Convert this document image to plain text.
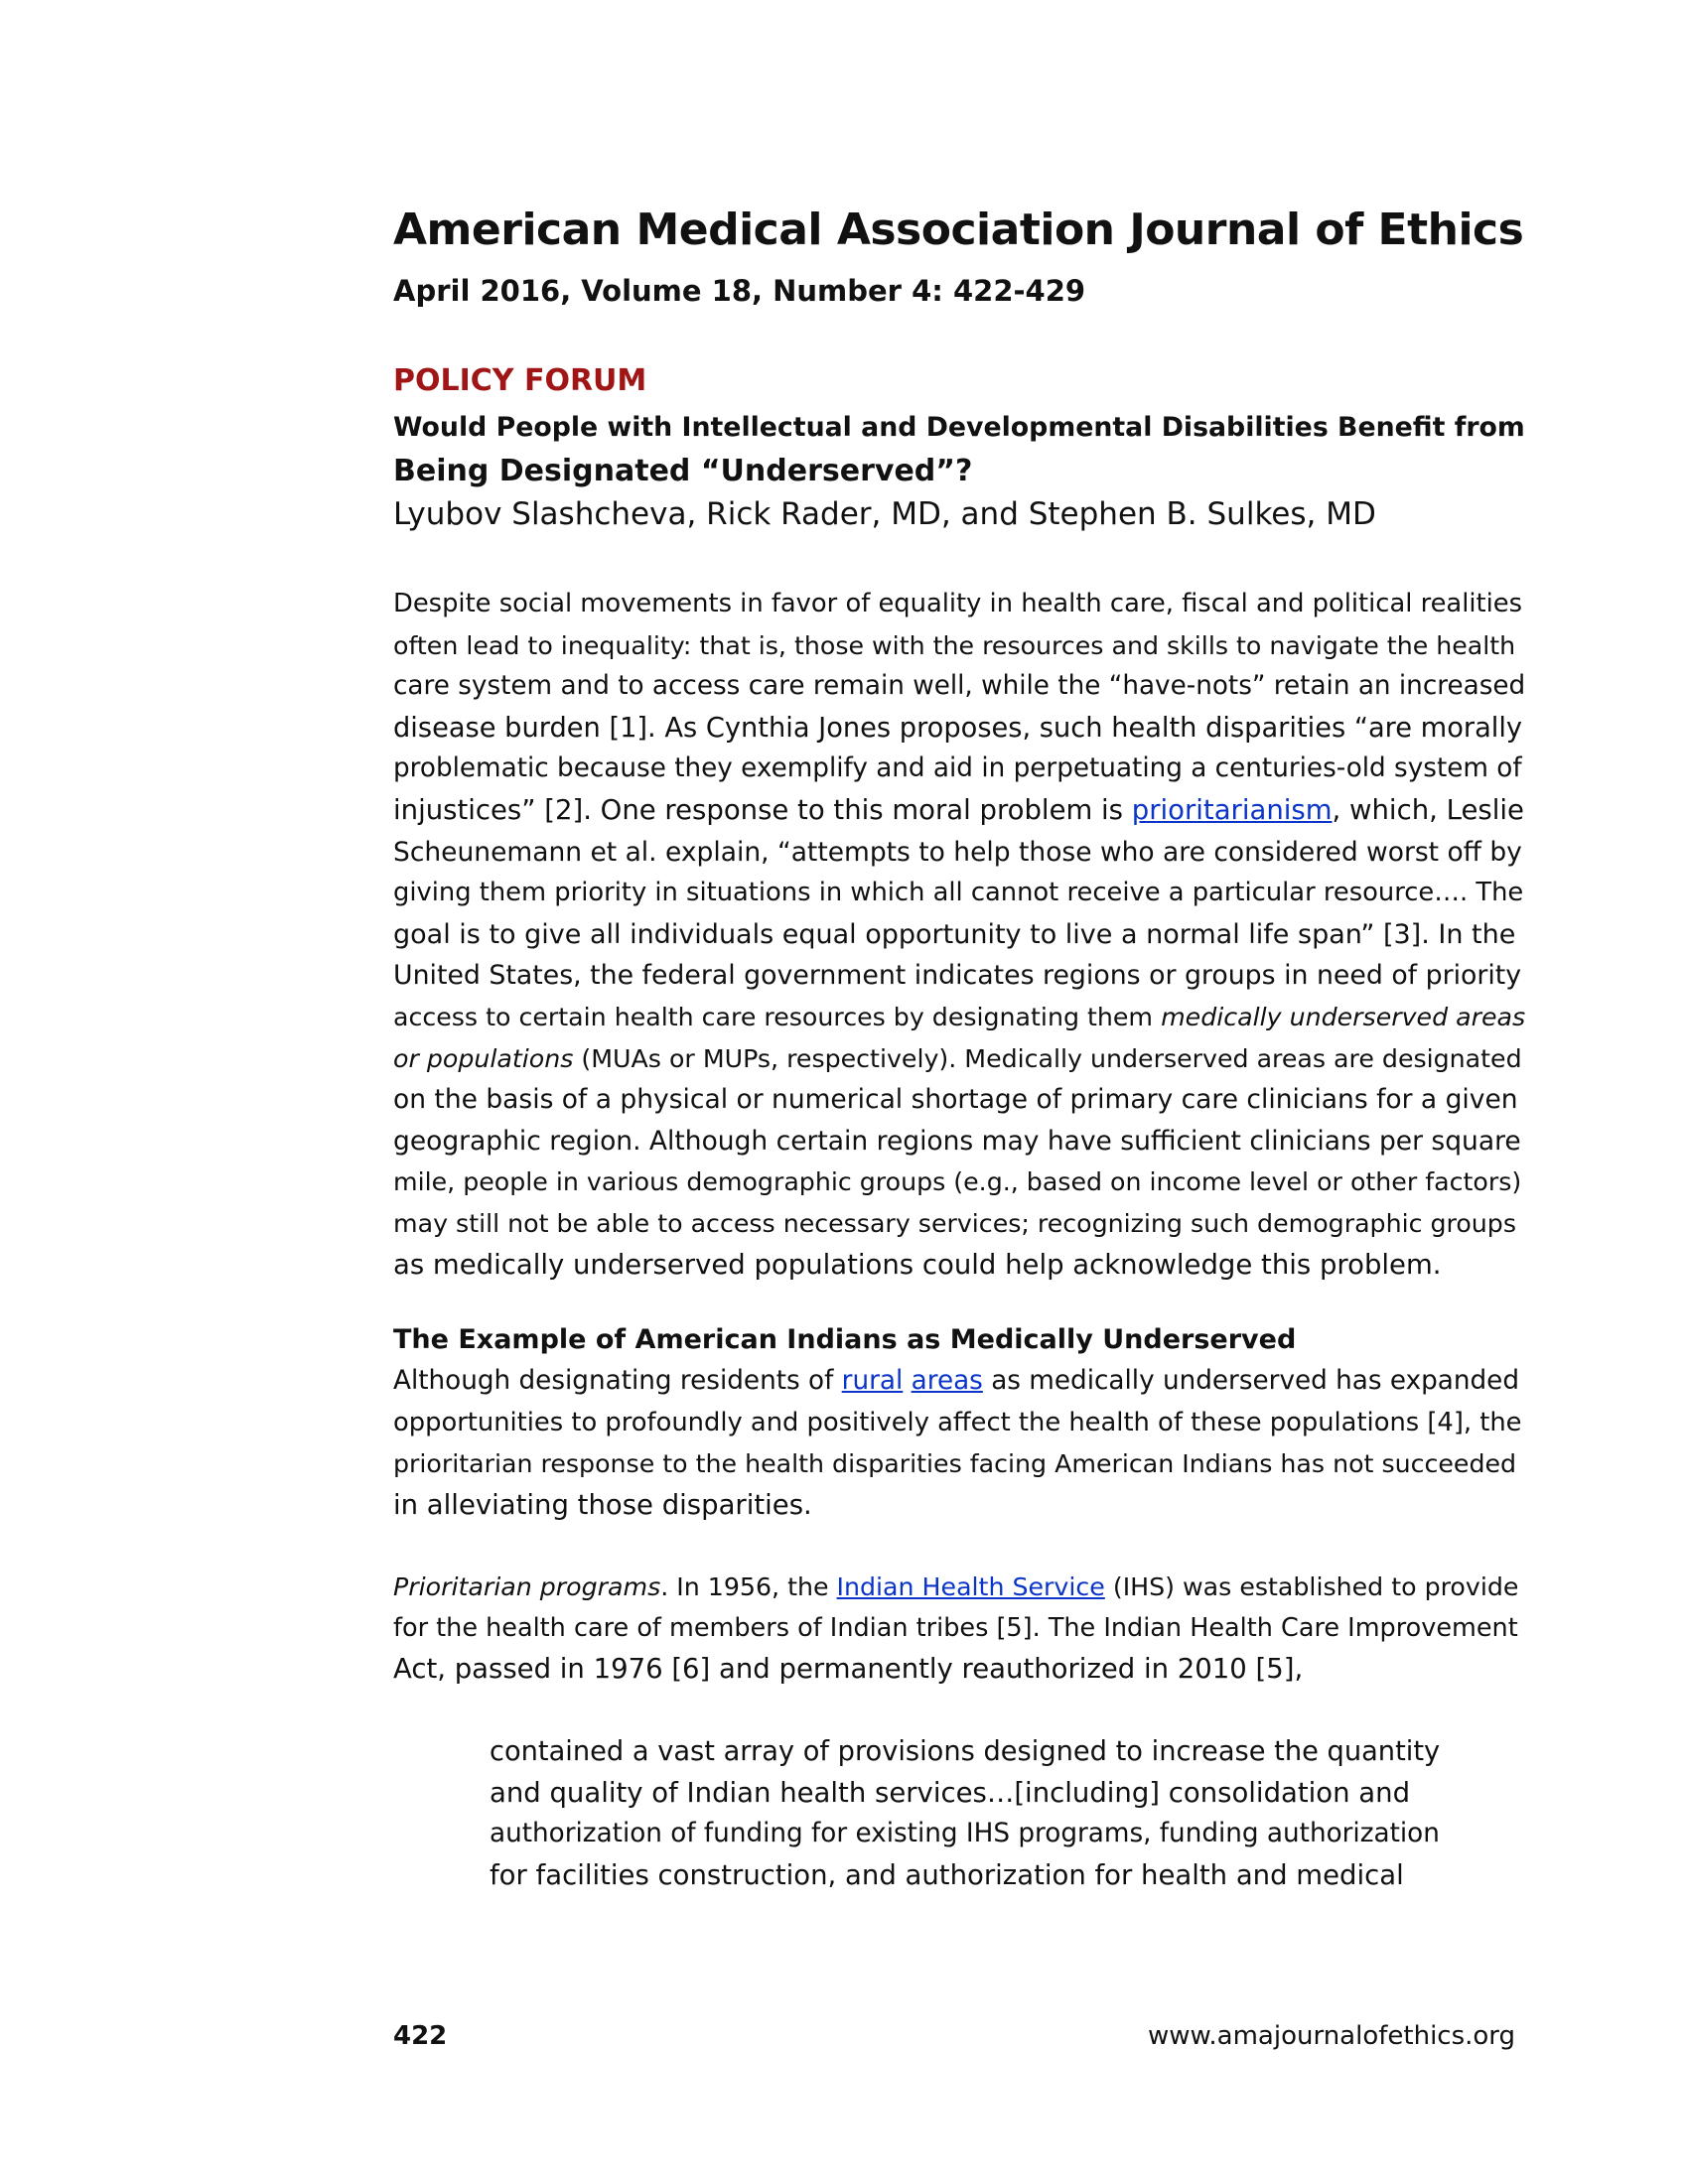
American Medical Association Journal of Ethics
April 2016, Volume 18, Number 4: 422-429
POLICY FORUM
Would People with Intellectual and Developmental Disabilities Benefit from
Being Designated “Underserved”?
Lyubov Slashcheva, Rick Rader, MD, and Stephen B. Sulkes, MD
Despite social movements in favor of equality in health care, fiscal and political realities
often lead to inequality: that is, those with the resources and skills to navigate the health
care system and to access care remain well, while the “have-nots” retain an increased
disease burden [1]. As Cynthia Jones proposes, such health disparities “are morally
problematic because they exemplify and aid in perpetuating a centuries-old system of
injustices” [2]. One response to this moral problem is prioritarianism, which, Leslie
Scheunemann et al. explain, “attempts to help those who are considered worst off by
giving them priority in situations in which all cannot receive a particular resource…. The
goal is to give all individuals equal opportunity to live a normal life span” [3]. In the
United States, the federal government indicates regions or groups in need of priority
access to certain health care resources by designating them medically underserved areas
or populations (MUAs or MUPs, respectively). Medically underserved areas are designated
on the basis of a physical or numerical shortage of primary care clinicians for a given
geographic region. Although certain regions may have sufficient clinicians per square
mile, people in various demographic groups (e.g., based on income level or other factors)
may still not be able to access necessary services; recognizing such demographic groups
as medically underserved populations could help acknowledge this problem.
The Example of American Indians as Medically Underserved
Although designating residents of rural areas as medically underserved has expanded
opportunities to profoundly and positively affect the health of these populations [4], the
prioritarian response to the health disparities facing American Indians has not succeeded
in alleviating those disparities.
Prioritarian programs. In 1956, the Indian Health Service (IHS) was established to provide
for the health care of members of Indian tribes [5]. The Indian Health Care Improvement
Act, passed in 1976 [6] and permanently reauthorized in 2010 [5],
contained a vast array of provisions designed to increase the quantity
and quality of Indian health services…[including] consolidation and
authorization of funding for existing IHS programs, funding authorization
for facilities construction, and authorization for health and medical
422	www.amajournalofethics.org
